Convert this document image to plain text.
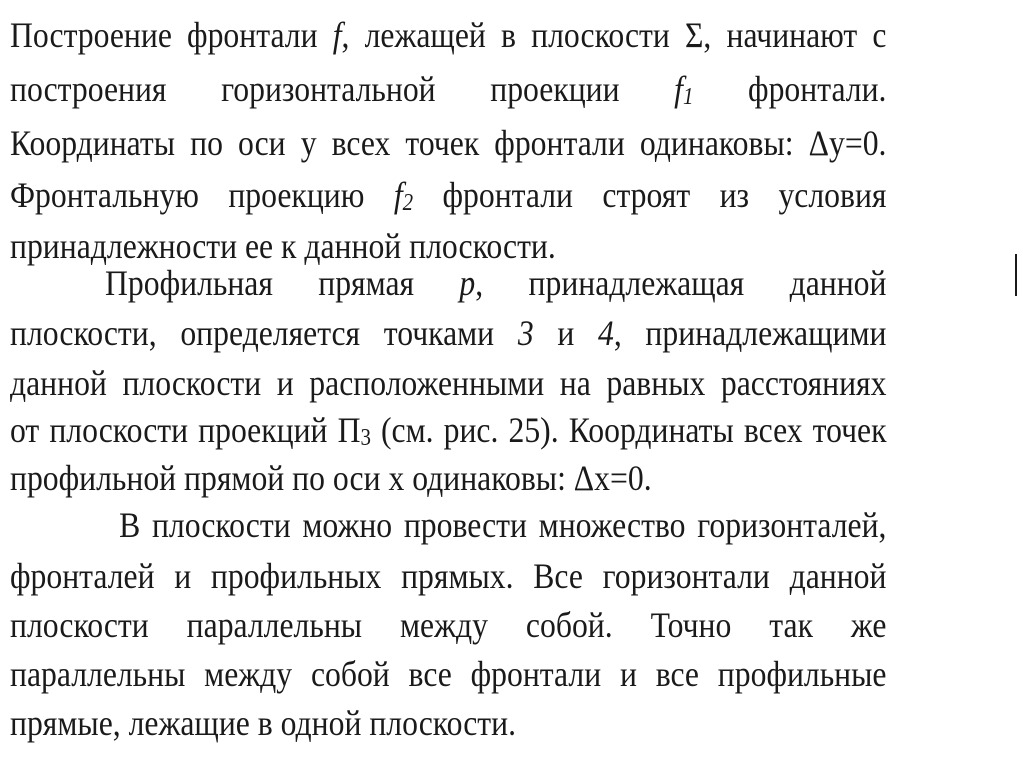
Построение фронтали f, лежащей в плоскости Σ, начинают с
построения горизонтальной проекции f1 фронтали.
Координаты по оси у всех точек фронтали одинаковы: Δу=0.
Фронтальную проекцию f2 фронтали строят из условия
принадлежности ее к данной плоскости.
Профильная прямая р, принадлежащая данной
плоскости, определяется точками 3 и 4, принадлежащими
данной плоскости и расположенными на равных расстояниях
от плоскости проекций П3 (см. рис. 25). Координаты всех точек
профильной прямой по оси х одинаковы: Δх=0.
В плоскости можно провести множество горизонталей,
фронталей и профильных прямых. Все горизонтали данной
плоскости параллельны между собой. Точно так же
параллельны между собой все фронтали и все профильные
прямые, лежащие в одной плоскости.
